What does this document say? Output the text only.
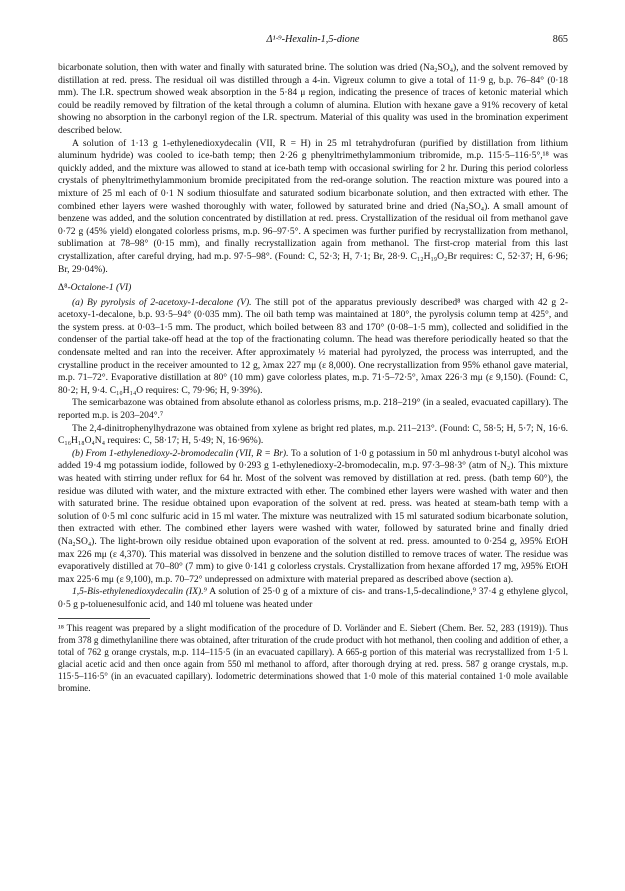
Δ¹·⁹-Hexalin-1,5-dione	865

bicarbonate solution, then with water and finally with saturated brine. The solution was dried (Na₂SO₄), and the solvent removed by distillation at red. press. The residual oil was distilled through a 4-in. Vigreux column to give a total of 11·9 g, b.p. 76–84° (0·18 mm). The I.R. spectrum showed weak absorption in the 5·84 μ region, indicating the presence of traces of ketonic material which could be readily removed by filtration of the ketal through a column of alumina. Elution with hexane gave a 91% recovery of ketal showing no absorption in the carbonyl region of the I.R. spectrum. Material of this quality was used in the bromination experiment described below.

A solution of 1·13 g 1-ethylenedioxydecalin (VII, R = H) in 25 ml tetrahydrofuran (purified by distillation from lithium aluminum hydride) was cooled to ice-bath temp; then 2·26 g phenyltrimethylammonium tribromide, m.p. 115·5–116·5°,¹⁸ was quickly added, and the mixture was allowed to stand at ice-bath temp with occasional swirling for 2 hr. During this period colorless crystals of phenyltrimethylammonium bromide precipitated from the red-orange solution. The reaction mixture was poured into a mixture of 25 ml each of 0·1 N sodium thiosulfate and saturated sodium bicarbonate solution, and then extracted with ether. The combined ether layers were washed thoroughly with water, followed by saturated brine and dried (Na₂SO₄). A small amount of benzene was added, and the solution concentrated by distillation at red. press. Crystallization of the residual oil from methanol gave 0·72 g (45% yield) elongated colorless prisms, m.p. 96–97·5°. A specimen was further purified by recrystallization from methanol, sublimation at 78–98° (0·15 mm), and finally recrystallization again from methanol. The first-crop material from this last crystallization, after careful drying, had m.p. 97·5–98°. (Found: C, 52·3; H, 7·1; Br, 28·9. C₁₂H₁₉O₂Br requires: C, 52·37; H, 6·96; Br, 29·04%).

Δ⁸-Octalone-1 (VI)

(a) By pyrolysis of 2-acetoxy-1-decalone (V). The still pot of the apparatus previously described⁸ was charged with 42 g 2-acetoxy-1-decalone, b.p. 93·5–94° (0·035 mm). The oil bath temp was maintained at 180°, the pyrolysis column temp at 425°, and the system press. at 0·03–1·5 mm. The product, which boiled between 83 and 170° (0·08–1·5 mm), collected and solidified in the condenser of the partial take-off head at the top of the fractionating column. The head was therefore periodically heated so that the condensate melted and ran into the receiver. After approximately ½ material had pyrolyzed, the process was interrupted, and the crystalline product in the receiver amounted to 12 g, λmax 227 mμ (ε 8,000). One recrystallization from 95% ethanol gave material, m.p. 71–72°. Evaporative distillation at 80° (10 mm) gave colorless plates, m.p. 71·5–72·5°, λmax 226·3 mμ (ε 9,150). (Found: C, 80·2; H, 9·4. C₁₀H₁₄O requires: C, 79·96; H, 9·39%).

The semicarbazone was obtained from absolute ethanol as colorless prisms, m.p. 218–219° (in a sealed, evacuated capillary). The reported m.p. is 203–204°.⁷

The 2,4-dinitrophenylhydrazone was obtained from xylene as bright red plates, m.p. 211–213°. (Found: C, 58·5; H, 5·7; N, 16·6. C₁₆H₁₈O₄N₄ requires: C, 58·17; H, 5·49; N, 16·96%).

(b) From 1-ethylenedioxy-2-bromodecalin (VII, R = Br). To a solution of 1·0 g potassium in 50 ml anhydrous t-butyl alcohol was added 19·4 mg potassium iodide, followed by 0·293 g 1-ethylenedioxy-2-bromodecalin, m.p. 97·3–98·3° (atm of N₂). This mixture was heated with stirring under reflux for 64 hr. Most of the solvent was removed by distillation at red. press. (bath temp 60°), the residue was diluted with water, and the mixture extracted with ether. The combined ether layers were washed with water and then with saturated brine. The residue obtained upon evaporation of the solvent at red. press. was heated at steam-bath temp with a solution of 0·5 ml conc sulfuric acid in 15 ml water. The mixture was neutralized with 15 ml saturated sodium bicarbonate solution, then extracted with ether. The combined ether layers were washed with water, followed by saturated brine and finally dried (Na₂SO₄). The light-brown oily residue obtained upon evaporation of the solvent at red. press. amounted to 0·254 g, λ95% EtOH max 226 mμ (ε 4,370). This material was dissolved in benzene and the solution distilled to remove traces of water. The residue was evaporatively distilled at 70–80° (7 mm) to give 0·141 g colorless crystals. Crystallization from hexane afforded 17 mg, λ95% EtOH max 225·6 mμ (ε 9,100), m.p. 70–72° undepressed on admixture with material prepared as described above (section a).

1,5-Bis-ethylenedioxydecalin (IX).⁹ A solution of 25·0 g of a mixture of cis- and trans-1,5-decalindione,⁹ 37·4 g ethylene glycol, 0·5 g p-toluenesulfonic acid, and 140 ml toluene was heated under

¹⁸ This reagent was prepared by a slight modification of the procedure of D. Vorländer and E. Siebert (Chem. Ber. 52, 283 (1919)). Thus from 378 g dimethylaniline there was obtained, after trituration of the crude product with hot methanol, then cooling and addition of ether, a total of 762 g orange crystals, m.p. 114–115·5 (in an evacuated capillary). A 665-g portion of this material was recrystallized from 1·5 l. glacial acetic acid and then once again from 550 ml methanol to afford, after thorough drying at red. press. 587 g orange crystals, m.p. 115·5–116·5° (in an evacuated capillary). Iodometric determinations showed that 1·0 mole of this material contained 1·0 mole available bromine.
